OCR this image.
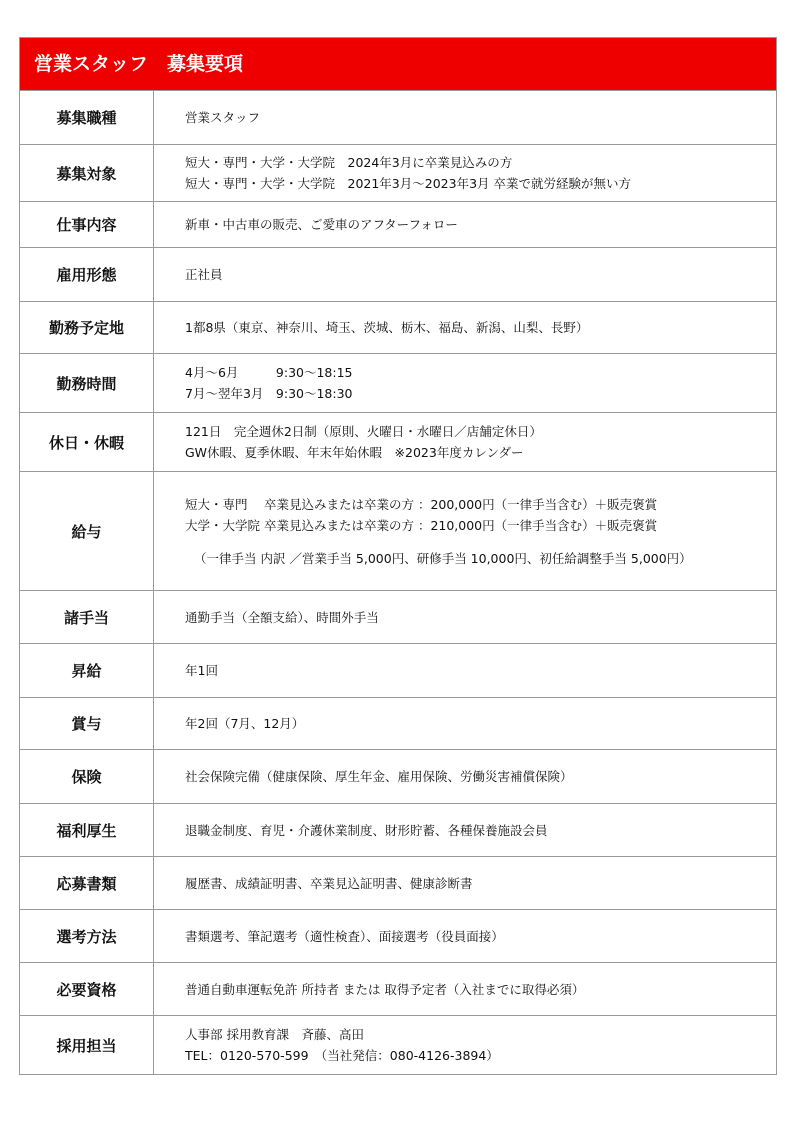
営業スタッフ　募集要項
募集職種	営業スタッフ

募集対象	短大・専門・大学・大学院　2024年3月に卒業見込みの方
短大・専門・大学・大学院　2021年3月～2023年3月 卒業で就労経験が無い方

仕事内容	新車・中古車の販売、ご愛車のアフターフォロー

雇用形態	正社員

勤務予定地	1都8県（東京、神奈川、埼玉、茨城、栃木、福島、新潟、山梨、長野）

勤務時間	4月～6月　　　9:30～18:15
7月～翌年3月　9:30～18:30

休日・休暇	121日　完全週休2日制（原則、火曜日・水曜日／店舗定休日）
GW休暇、夏季休暇、年末年始休暇　※2023年度カレンダー

給与	短大・専門　 卒業見込みまたは卒業の方 ：200,000円（一律手当含む）＋販売褒賞
大学・大学院 卒業見込みまたは卒業の方 ：210,000円（一律手当含む）＋販売褒賞
（一律手当 内訳 ／営業手当 5,000円、研修手当 10,000円、初任給調整手当 5,000円）

諸手当	通勤手当（全額支給）、時間外手当

昇給	年1回

賞与	年2回（7月、12月）

保険	社会保険完備（健康保険、厚生年金、雇用保険、労働災害補償保険）

福利厚生	退職金制度、育児・介護休業制度、財形貯蓄、各種保養施設会員

応募書類	履歴書、成績証明書、卒業見込証明書、健康診断書

選考方法	書類選考、筆記選考（適性検査）、面接選考（役員面接）

必要資格	普通自動車運転免許 所持者 または 取得予定者（入社までに取得必須）

採用担当	人事部 採用教育課　斉藤、高田
TEL：0120-570-599　（当社発信：080-4126-3894）
